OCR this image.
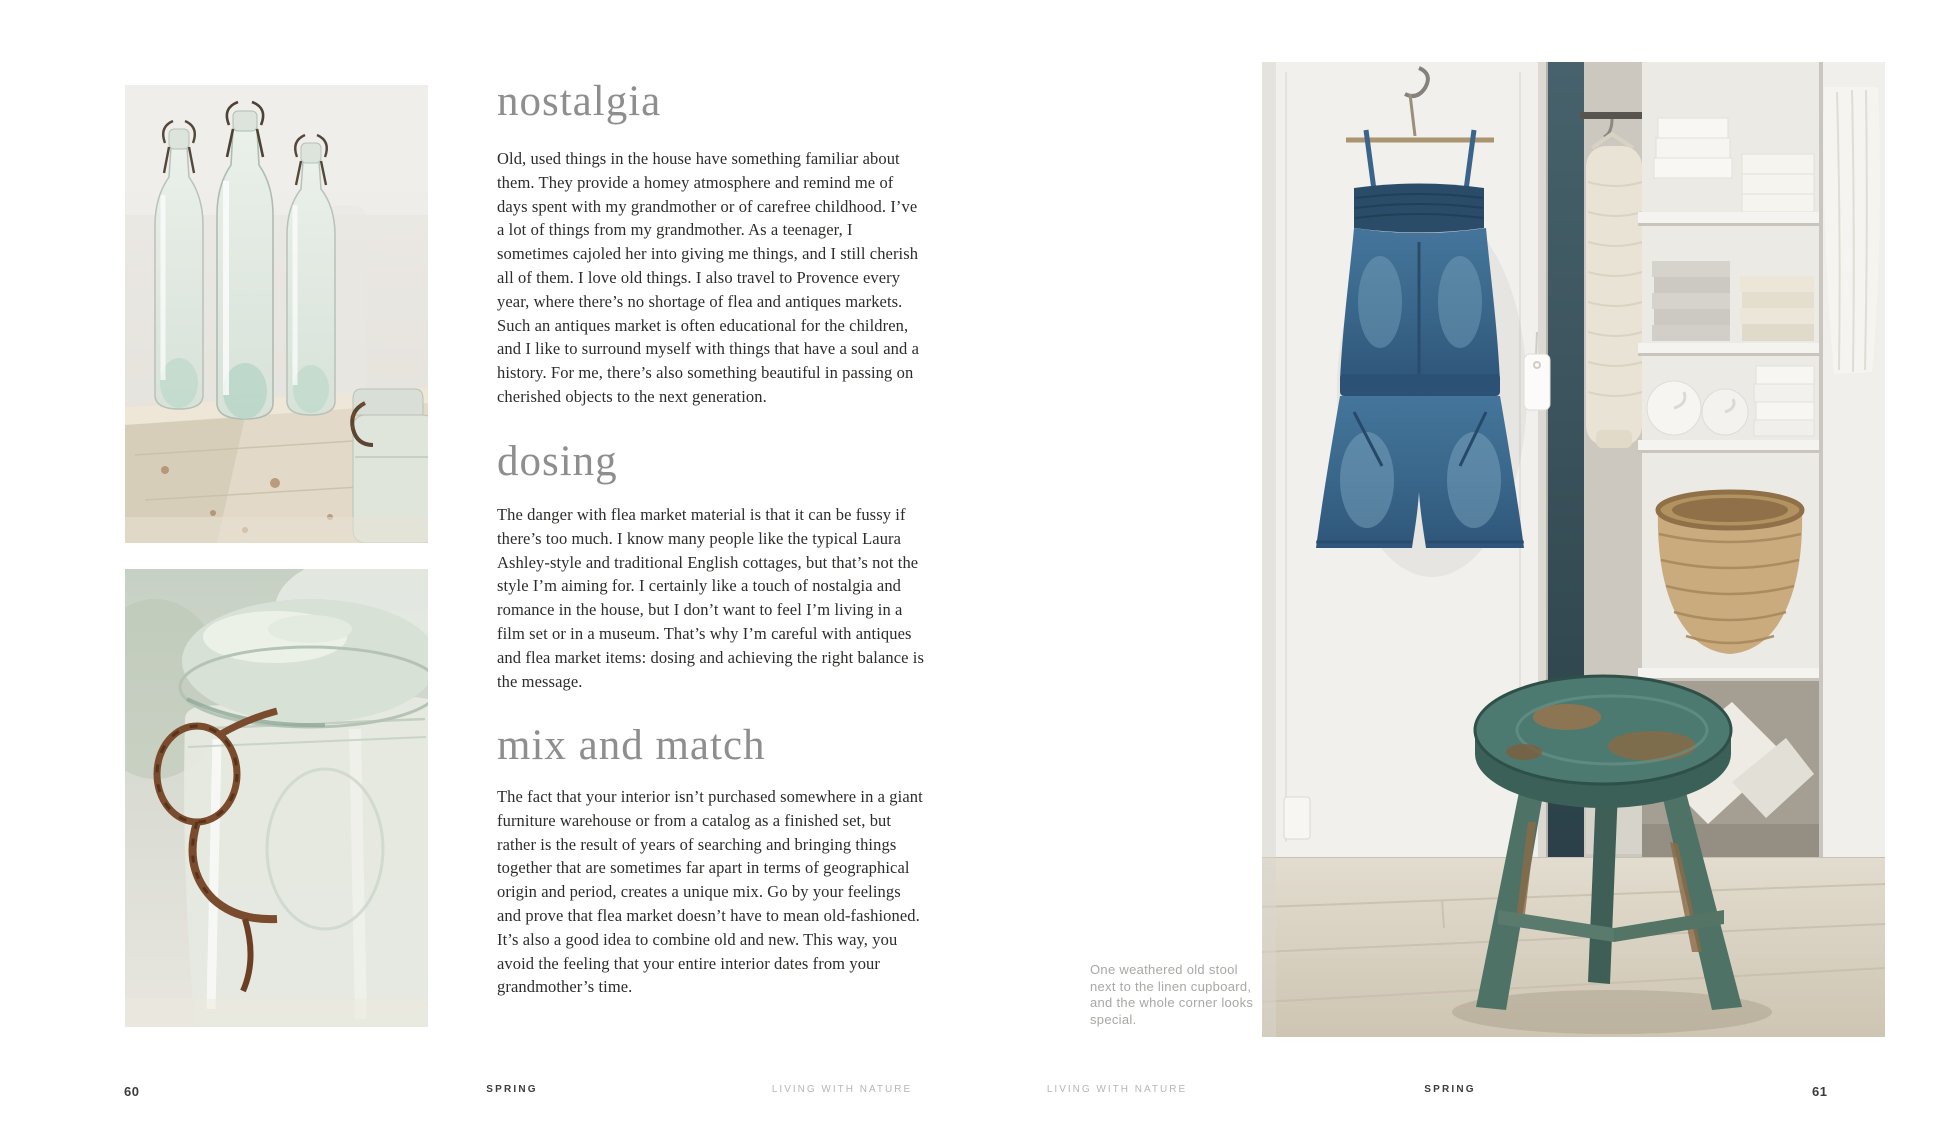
nostalgia
Old, used things in the house have something familiar about them. They provide a homey atmosphere and remind me of days spent with my grandmother or of carefree childhood. I’ve a lot of things from my grandmother. As a teenager, I sometimes cajoled her into giving me things, and I still cherish all of them. I love old things. I also travel to Provence every year, where there’s no shortage of flea and antiques markets. Such an antiques market is often educational for the children, and I like to surround myself with things that have a soul and a history. For me, there’s also something beautiful in passing on cherished objects to the next generation.
dosing
The danger with flea market material is that it can be fussy if there’s too much. I know many people like the typical Laura Ashley-style and traditional English cottages, but that’s not the style I’m aiming for. I certainly like a touch of nostalgia and romance in the house, but I don’t want to feel I’m living in a film set or in a museum. That’s why I’m careful with antiques and flea market items: dosing and achieving the right balance is the message.
mix and match
The fact that your interior isn’t purchased somewhere in a giant furniture warehouse or from a catalog as a finished set, but rather is the result of years of searching and bringing things together that are sometimes far apart in terms of geographical origin and period, creates a unique mix. Go by your feelings and prove that flea market doesn’t have to mean old-fashioned. It’s also a good idea to combine old and new. This way, you avoid the feeling that your entire interior dates from your grandmother’s time.
One weathered old stool next to the linen cupboard, and the whole corner looks special.
60	SPRING	LIVING WITH NATURE	LIVING WITH NATURE	SPRING	61
